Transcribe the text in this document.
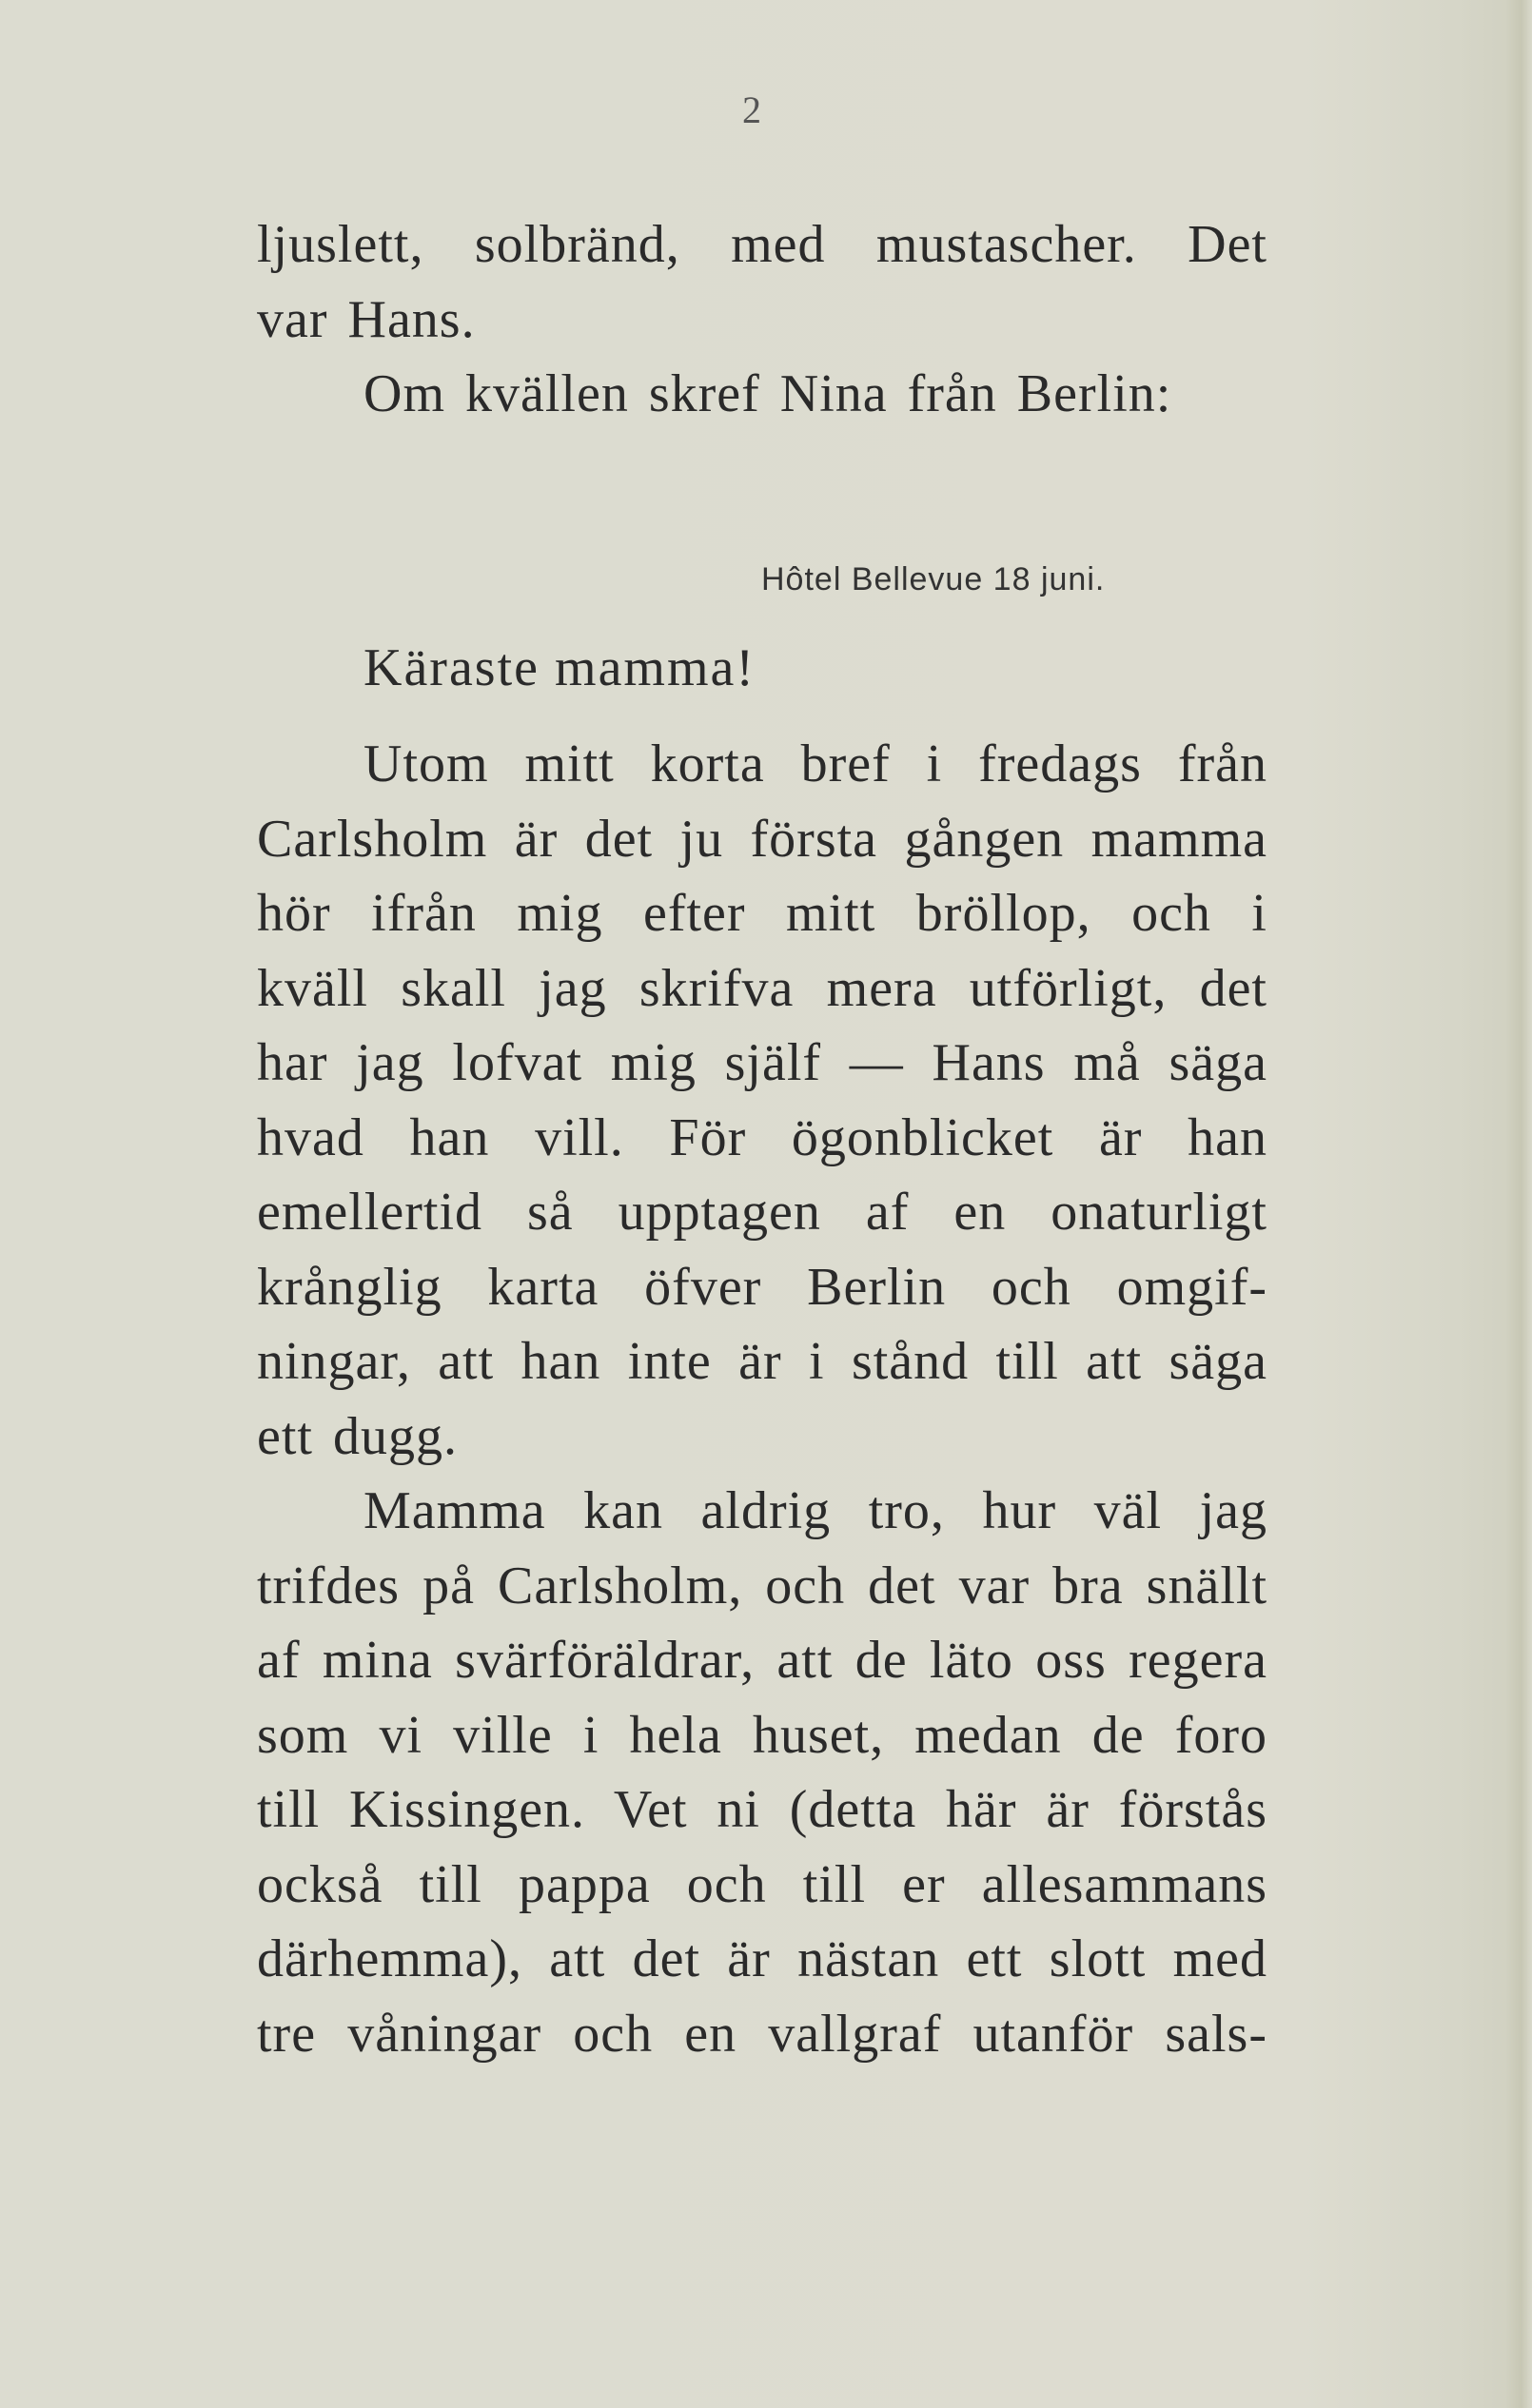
2
ljuslett, solbränd, med mustascher. Det
var Hans.
Om kvällen skref Nina från Berlin:
Hôtel Bellevue 18 juni.
Käraste mamma!
Utom mitt korta bref i fredags från
Carlsholm är det ju första gången mamma
hör ifrån mig efter mitt bröllop, och i
kväll skall jag skrifva mera utförligt, det
har jag lofvat mig själf — Hans må säga
hvad han vill. För ögonblicket är han
emellertid så upptagen af en onaturligt
krånglig karta öfver Berlin och omgif-
ningar, att han inte är i stånd till att säga
ett dugg.
Mamma kan aldrig tro, hur väl jag
trifdes på Carlsholm, och det var bra snällt
af mina svärföräldrar, att de läto oss regera
som vi ville i hela huset, medan de foro
till Kissingen. Vet ni (detta här är förstås
också till pappa och till er allesammans
därhemma), att det är nästan ett slott med
tre våningar och en vallgraf utanför sals-
